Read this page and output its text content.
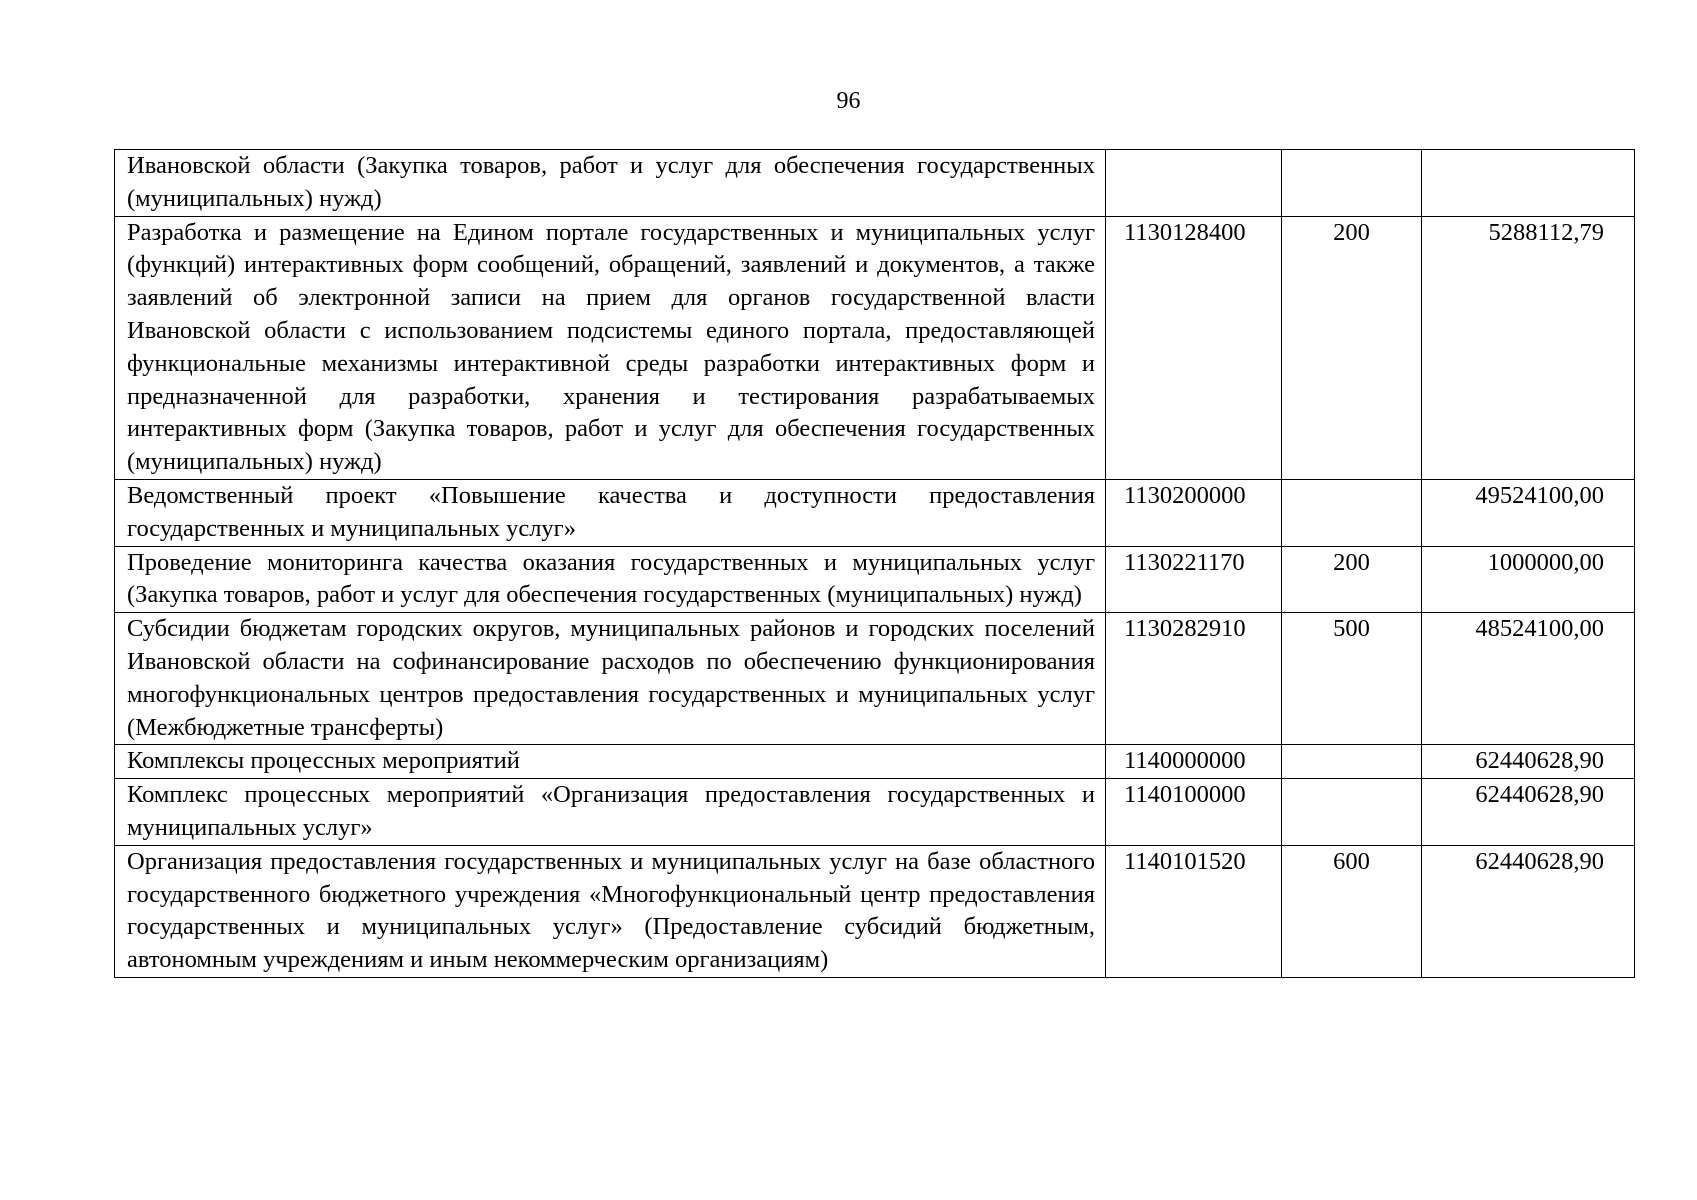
96
Ивановской области (Закупка товаров, работ и услуг для обеспечения государственных (муниципальных) нужд)			
Разработка и размещение на Едином портале государственных и муниципальных услуг (функций) интерактивных форм сообщений, обращений, заявлений и документов, а также заявлений об электронной записи на прием для органов государственной власти Ивановской области с использованием подсистемы единого портала, предоставляющей функциональные механизмы интерактивной среды разработки интерактивных форм и предназначенной для разработки, хранения и тестирования разрабатываемых интерактивных форм (Закупка товаров, работ и услуг для обеспечения государственных (муниципальных) нужд)	1130128400	200	5288112,79
Ведомственный проект «Повышение качества и доступности предоставления государственных и муниципальных услуг»	1130200000		49524100,00
Проведение мониторинга качества оказания государственных и муниципальных услуг (Закупка товаров, работ и услуг для обеспечения государственных (муниципальных) нужд)	1130221170	200	1000000,00
Субсидии бюджетам городских округов, муниципальных районов и городских поселений Ивановской области на софинансирование расходов по обеспечению функционирования многофункциональных центров предоставления государственных и муниципальных услуг (Межбюджетные трансферты)	1130282910	500	48524100,00
Комплексы процессных мероприятий	1140000000		62440628,90
Комплекс процессных мероприятий «Организация предоставления государственных и муниципальных услуг»	1140100000		62440628,90
Организация предоставления государственных и муниципальных услуг на базе областного государственного бюджетного учреждения «Многофункциональный центр предоставления государственных и муниципальных услуг» (Предоставление субсидий бюджетным, автономным учреждениям и иным некоммерческим организациям)	1140101520	600	62440628,90
